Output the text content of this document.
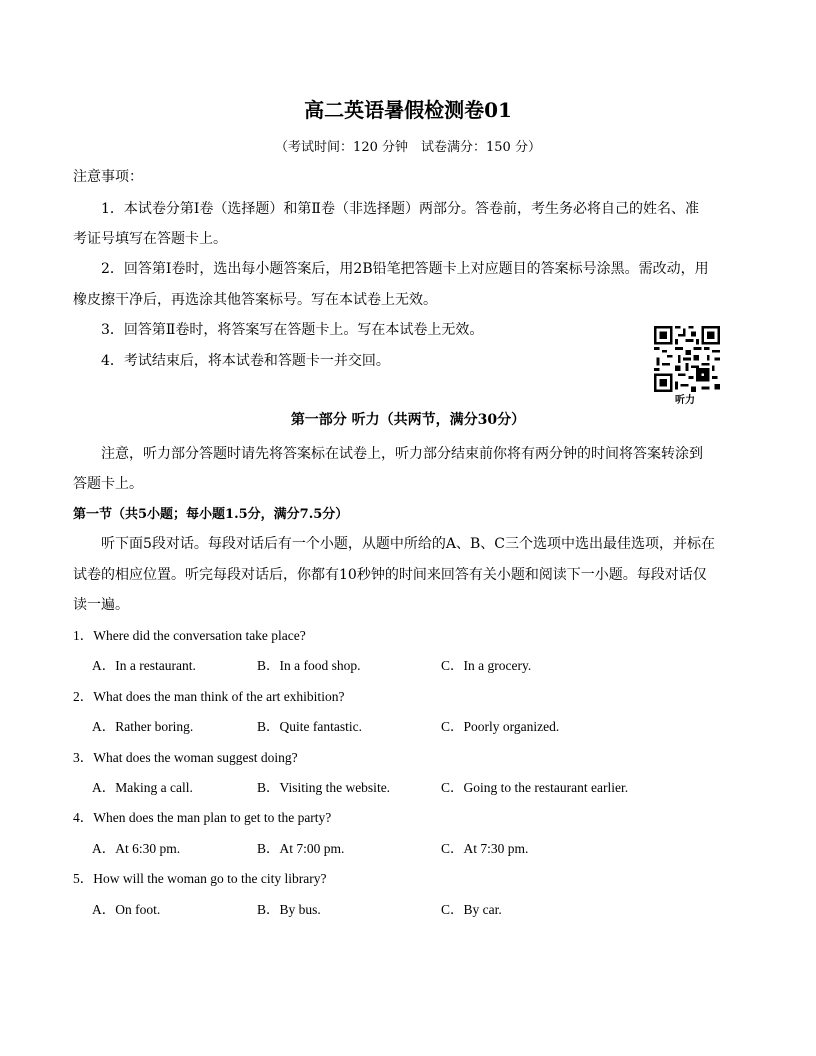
高二英语暑假检测卷01
（考试时间：120 分钟　试卷满分：150 分）
注意事项：
1．本试卷分第Ⅰ卷（选择题）和第Ⅱ卷（非选择题）两部分。答卷前，考生务必将自己的姓名、准
考证号填写在答题卡上。
2．回答第Ⅰ卷时，选出每小题答案后，用2B铅笔把答题卡上对应题目的答案标号涂黑。需改动，用
橡皮擦干净后，再选涂其他答案标号。写在本试卷上无效。
3．回答第Ⅱ卷时，将答案写在答题卡上。写在本试卷上无效。
4．考试结束后，将本试卷和答题卡一并交回。
听力
第一部分 听力（共两节，满分30分）
注意，听力部分答题时请先将答案标在试卷上，听力部分结束前你将有两分钟的时间将答案转涂到
答题卡上。
第一节（共5小题；每小题1.5分，满分7.5分）
听下面5段对话。每段对话后有一个小题，从题中所给的A、B、C三个选项中选出最佳选项，并标在
试卷的相应位置。听完每段对话后，你都有10秒钟的时间来回答有关小题和阅读下一小题。每段对话仅
读一遍。
1．Where did the conversation take place?
A．In a restaurant.	B．In a food shop.	C．In a grocery.
2．What does the man think of the art exhibition?
A．Rather boring.	B．Quite fantastic.	C．Poorly organized.
3．What does the woman suggest doing?
A．Making a call.	B．Visiting the website.	C．Going to the restaurant earlier.
4．When does the man plan to get to the party?
A．At 6:30 pm.	B．At 7:00 pm.	C．At 7:30 pm.
5．How will the woman go to the city library?
A．On foot.	B．By bus.	C．By car.
